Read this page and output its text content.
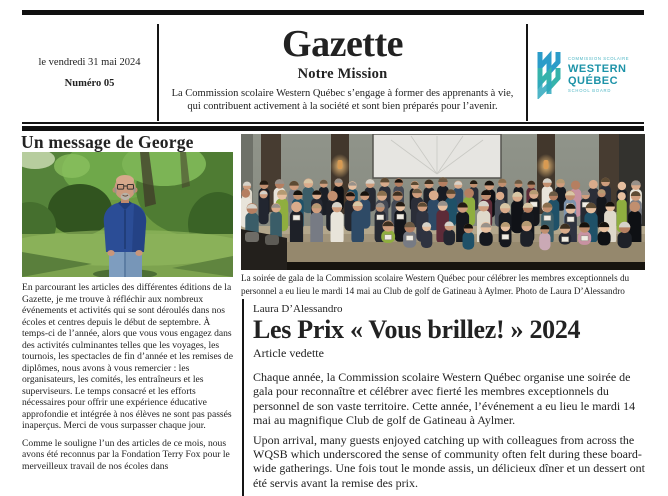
le vendredi 31 mai 2024
Numéro 05
Gazette
Notre Mission
La Commission scolaire Western Québec s’engage à former des apprenants à vie, qui contribuent activement à la société et sont bien préparés pour l’avenir.
COMMISSION SCOLAIRE
WESTERN
QUÉBEC
SCHOOL BOARD
Un message de George

En parcourant les articles des différentes éditions de la Gazette, je me trouve à réfléchir aux nombreux événements et activités qui se sont déroulés dans nos écoles et centres depuis le début de septembre. À temps-ci de l’année, alors que vous vous engagez dans des activités culminantes telles que les voyages, les tournois, les spectacles de fin d’année et les remises de diplômes, nous avons à vous remercier : les organisateurs, les comités, les entraîneurs et les superviseurs. Le temps consacré et les efforts nécessaires pour offrir une expérience éducative approfondie et intégrée à nos élèves ne sont pas passés inaperçus. Merci de vous surpasser chaque jour.

Comme le souligne l’un des articles de ce mois, nous avons été reconnus par la Fondation Terry Fox pour le merveilleux travail de nos écoles dans

La soirée de gala de la Commission scolaire Western Québec pour célébrer les membres exceptionnels du personnel a eu lieu le mardi 14 mai au Club de golf de Gatineau à Aylmer. Photo de Laura D’Alessandro
Laura D’Alessandro
Les Prix « Vous brillez! » 2024
Article vedette

Chaque année, la Commission scolaire Western Québec organise une soirée de gala pour reconnaître et célébrer avec fierté les membres exceptionnels du personnel de son vaste territoire. Cette année, l’événement a eu lieu le mardi 14 mai au magnifique Club de golf de Gatineau à Aylmer.

Upon arrival, many guests enjoyed catching up with colleagues from across the WQSB which underscored the sense of community often felt during these board-wide gatherings. Une fois tout le monde assis, un délicieux dîner et un dessert ont été servis avant la remise des prix.
